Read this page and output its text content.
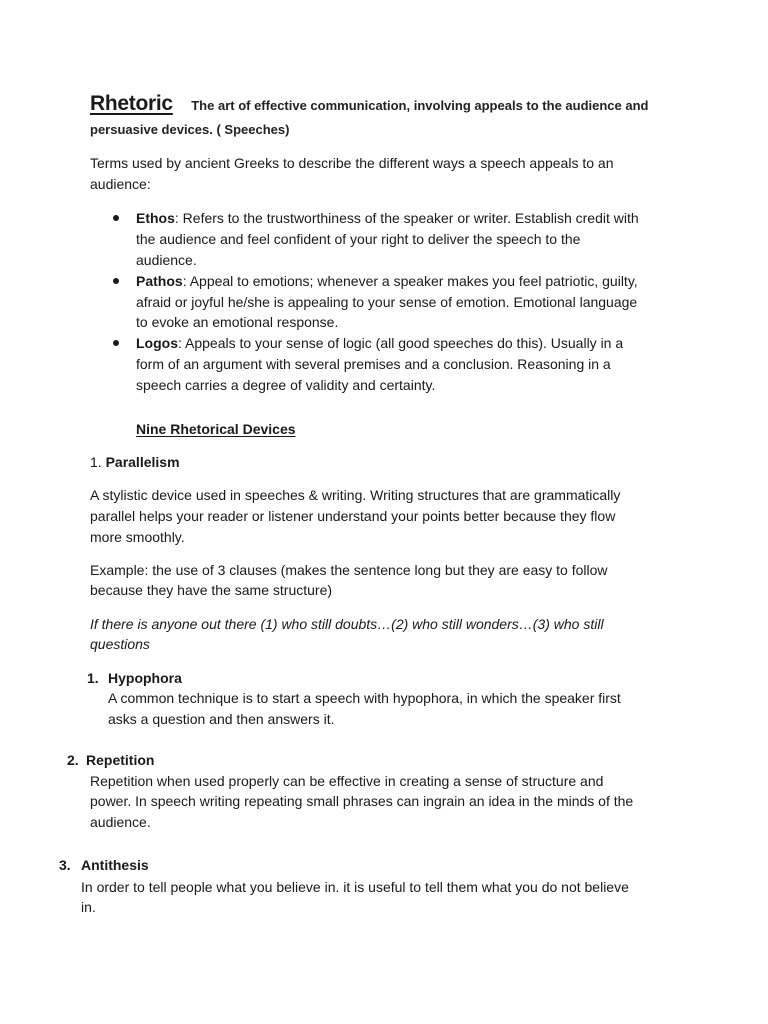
Rhetoric The art of effective communication, involving appeals to the audience and
persuasive devices. ( Speeches)
Terms used by ancient Greeks to describe the different ways a speech appeals to an
audience:
Ethos: Refers to the trustworthiness of the speaker or writer. Establish credit with
the audience and feel confident of your right to deliver the speech to the
audience.
Pathos: Appeal to emotions; whenever a speaker makes you feel patriotic, guilty,
afraid or joyful he/she is appealing to your sense of emotion. Emotional language
to evoke an emotional response.
Logos: Appeals to your sense of logic (all good speeches do this). Usually in a
form of an argument with several premises and a conclusion. Reasoning in a
speech carries a degree of validity and certainty.
Nine Rhetorical Devices
1. Parallelism
A stylistic device used in speeches & writing. Writing structures that are grammatically
parallel helps your reader or listener understand your points better because they flow
more smoothly.
Example: the use of 3 clauses (makes the sentence long but they are easy to follow
because they have the same structure)
If there is anyone out there (1) who still doubts…(2) who still wonders…(3) who still
questions
1. Hypophora
A common technique is to start a speech with hypophora, in which the speaker first
asks a question and then answers it.
2. Repetition
Repetition when used properly can be effective in creating a sense of structure and
power. In speech writing repeating small phrases can ingrain an idea in the minds of the
audience.
3. Antithesis
In order to tell people what you believe in. it is useful to tell them what you do not believe
in.
